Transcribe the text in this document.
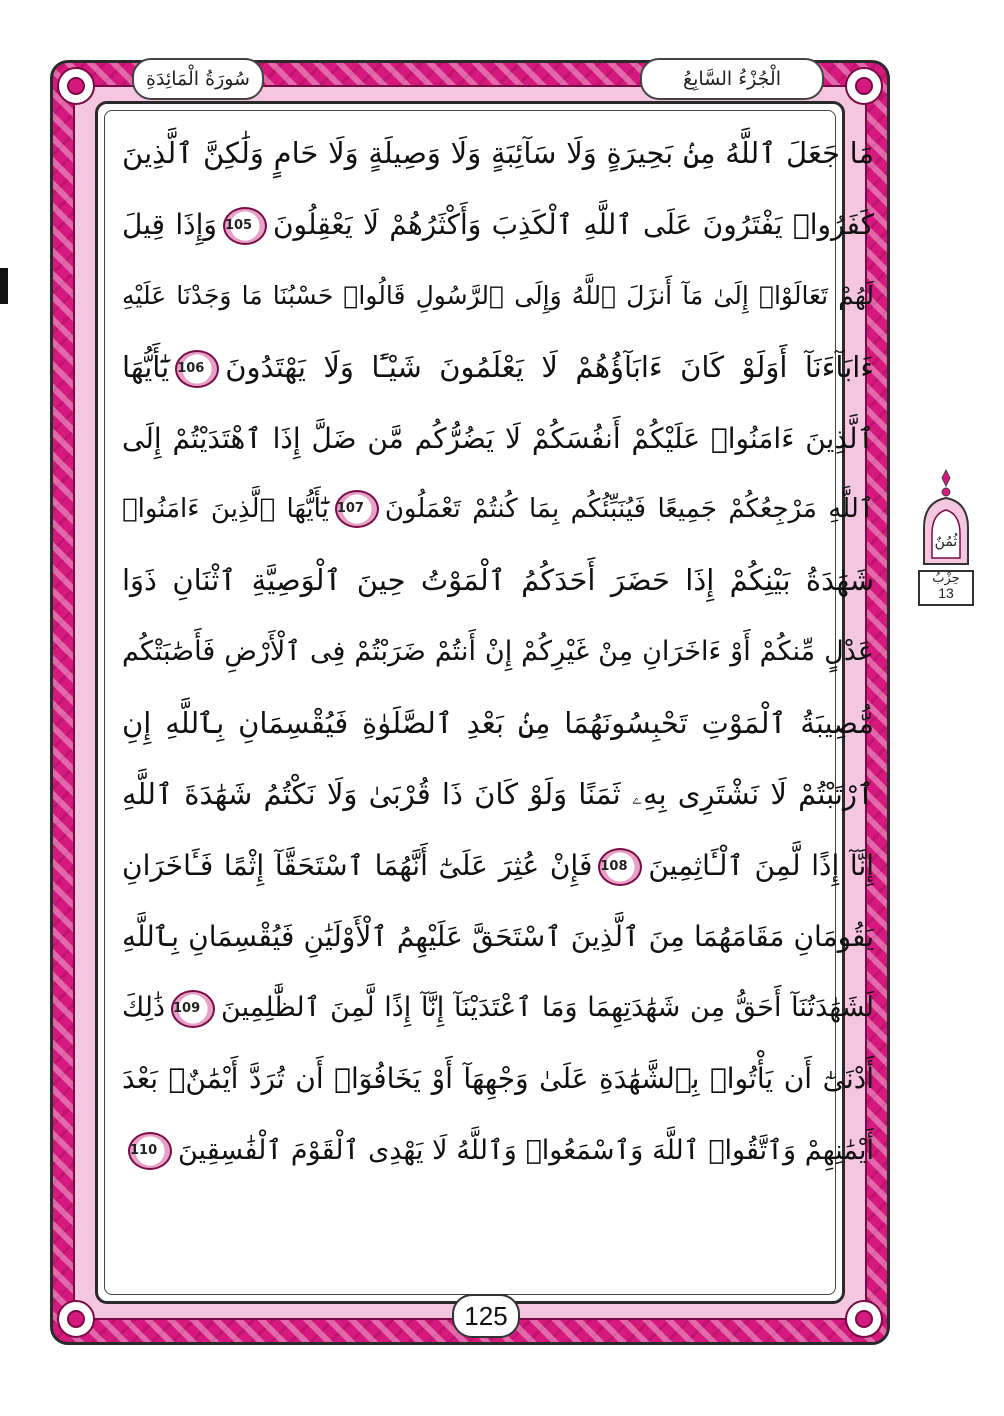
الْجُزْءُ السَّابِعُ
سُورَةُ الْمَائِدَةِ
مَا جَعَلَ ٱللَّهُ مِنۢ بَحِيرَةٍ وَلَا سَآئِبَةٍ وَلَا وَصِيلَةٍ وَلَا حَامٍ وَلَٰكِنَّ ٱلَّذِينَ
كَفَرُوا۟ يَفْتَرُونَ عَلَى ٱللَّهِ ٱلْكَذِبَ وَأَكْثَرُهُمْ لَا يَعْقِلُونَ105وَإِذَا قِيلَ
لَهُمْ تَعَالَوْا۟ إِلَىٰ مَآ أَنزَلَ ٱللَّهُ وَإِلَى ٱلرَّسُولِ قَالُوا۟ حَسْبُنَا مَا وَجَدْنَا عَلَيْهِ
ءَابَآءَنَآ أَوَلَوْ كَانَ ءَابَآؤُهُمْ لَا يَعْلَمُونَ شَيْـًٔا وَلَا يَهْتَدُونَ106يَٰٓأَيُّهَا
ٱلَّذِينَ ءَامَنُوا۟ عَلَيْكُمْ أَنفُسَكُمْ لَا يَضُرُّكُم مَّن ضَلَّ إِذَا ٱهْتَدَيْتُمْ إِلَى
ٱللَّهِ مَرْجِعُكُمْ جَمِيعًا فَيُنَبِّئُكُم بِمَا كُنتُمْ تَعْمَلُونَ107يَٰٓأَيُّهَا ٱلَّذِينَ ءَامَنُوا۟
شَهَٰدَةُ بَيْنِكُمْ إِذَا حَضَرَ أَحَدَكُمُ ٱلْمَوْتُ حِينَ ٱلْوَصِيَّةِ ٱثْنَانِ ذَوَا
عَدْلٍ مِّنكُمْ أَوْ ءَاخَرَانِ مِنْ غَيْرِكُمْ إِنْ أَنتُمْ ضَرَبْتُمْ فِى ٱلْأَرْضِ فَأَصَٰبَتْكُم
مُّصِيبَةُ ٱلْمَوْتِ تَحْبِسُونَهُمَا مِنۢ بَعْدِ ٱلصَّلَوٰةِ فَيُقْسِمَانِ بِٱللَّهِ إِنِ
ٱرْتَبْتُمْ لَا نَشْتَرِى بِهِۦ ثَمَنًا وَلَوْ كَانَ ذَا قُرْبَىٰ وَلَا نَكْتُمُ شَهَٰدَةَ ٱللَّهِ
إِنَّآ إِذًا لَّمِنَ ٱلْـَٔاثِمِينَ108فَإِنْ عُثِرَ عَلَىٰٓ أَنَّهُمَا ٱسْتَحَقَّآ إِثْمًا فَـَٔاخَرَانِ
يَقُومَانِ مَقَامَهُمَا مِنَ ٱلَّذِينَ ٱسْتَحَقَّ عَلَيْهِمُ ٱلْأَوْلَيَٰنِ فَيُقْسِمَانِ بِٱللَّهِ
لَشَهَٰدَتُنَآ أَحَقُّ مِن شَهَٰدَتِهِمَا وَمَا ٱعْتَدَيْنَآ إِنَّآ إِذًا لَّمِنَ ٱلظَّٰلِمِينَ109ذَٰلِكَ
أَدْنَىٰٓ أَن يَأْتُوا۟ بِٱلشَّهَٰدَةِ عَلَىٰ وَجْهِهَآ أَوْ يَخَافُوٓا۟ أَن تُرَدَّ أَيْمَٰنٌۢ بَعْدَ
أَيْمَٰنِهِمْ وَٱتَّقُوا۟ ٱللَّهَ وَٱسْمَعُوا۟ وَٱللَّهُ لَا يَهْدِى ٱلْقَوْمَ ٱلْفَٰسِقِينَ110
125
ثُمُنٌ
حِزْبُ
13
